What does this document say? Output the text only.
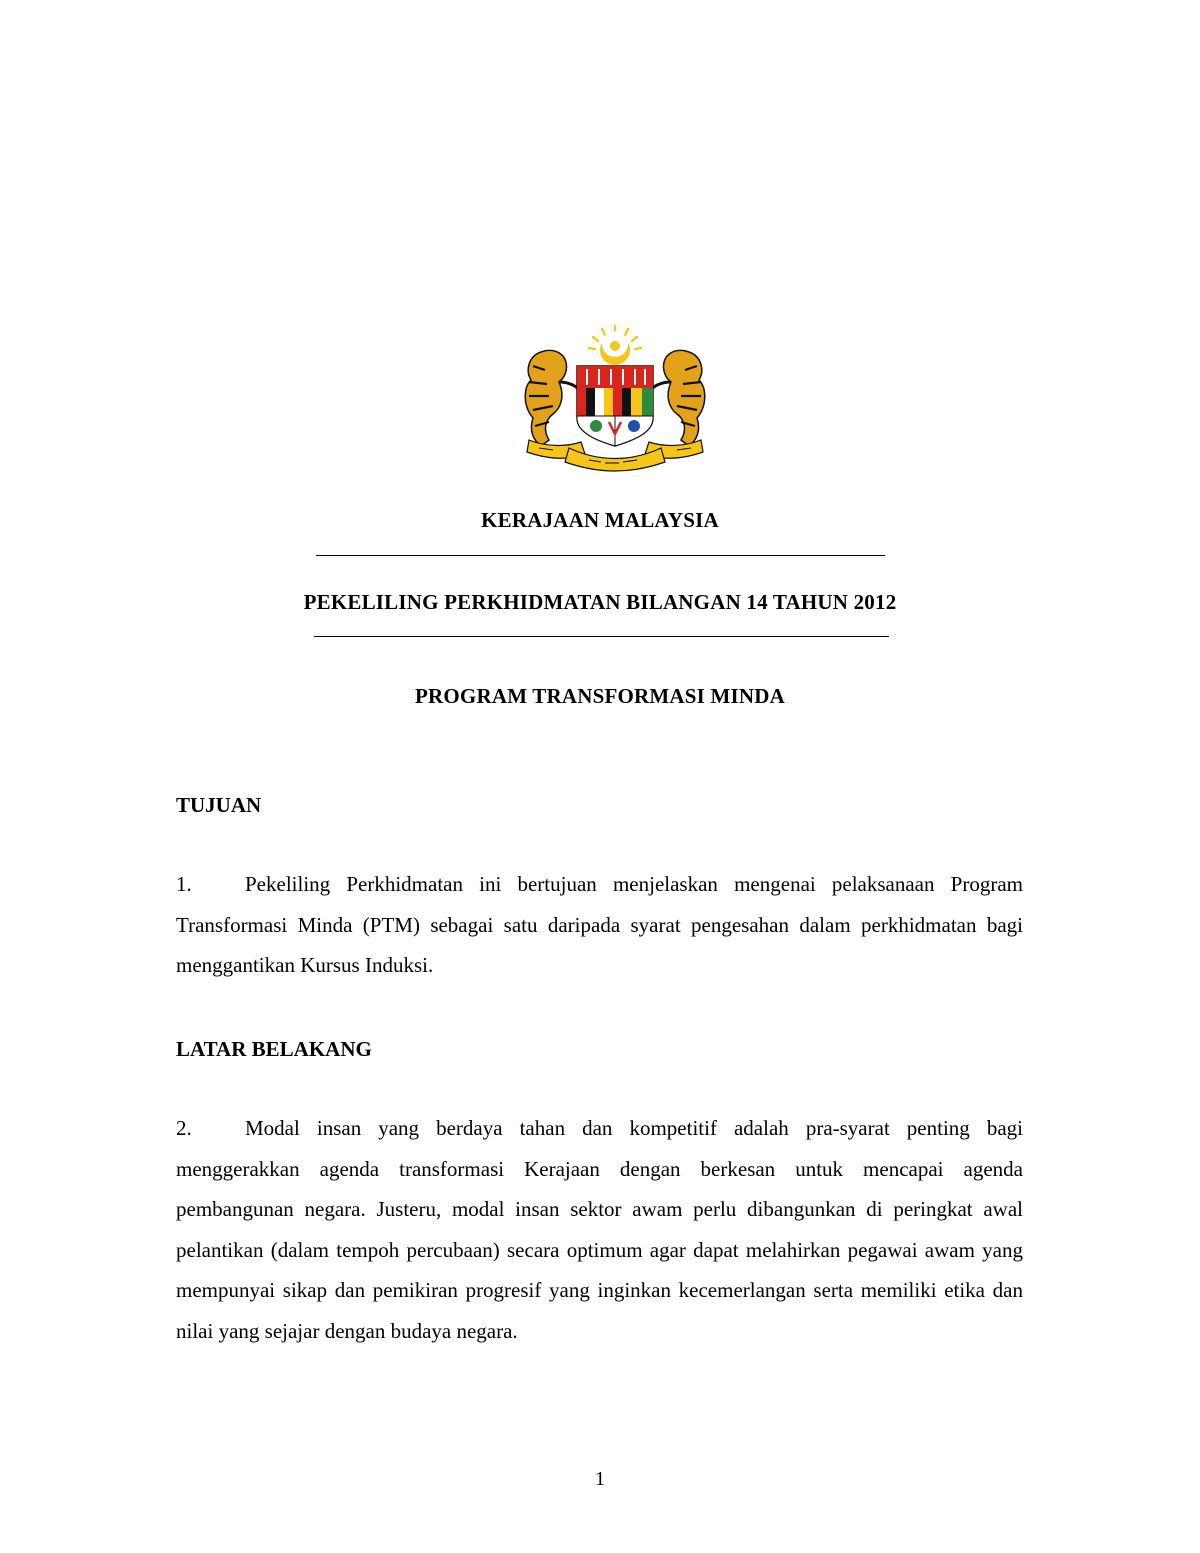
KERAJAAN MALAYSIA
PEKELILING PERKHIDMATAN BILANGAN 14 TAHUN 2012
PROGRAM TRANSFORMASI MINDA
TUJUAN

1.	Pekeliling Perkhidmatan ini bertujuan menjelaskan mengenai pelaksanaan Program Transformasi Minda (PTM) sebagai satu daripada syarat pengesahan dalam perkhidmatan bagi menggantikan Kursus Induksi.

LATAR BELAKANG

2.	Modal insan yang berdaya tahan dan kompetitif adalah pra-syarat penting bagi menggerakkan agenda transformasi Kerajaan dengan berkesan untuk mencapai agenda pembangunan negara. Justeru, modal insan sektor awam perlu dibangunkan di peringkat awal pelantikan (dalam tempoh percubaan) secara optimum agar dapat melahirkan pegawai awam yang mempunyai sikap dan pemikiran progresif yang inginkan kecemerlangan serta memiliki etika dan nilai yang sejajar dengan budaya negara.

1
